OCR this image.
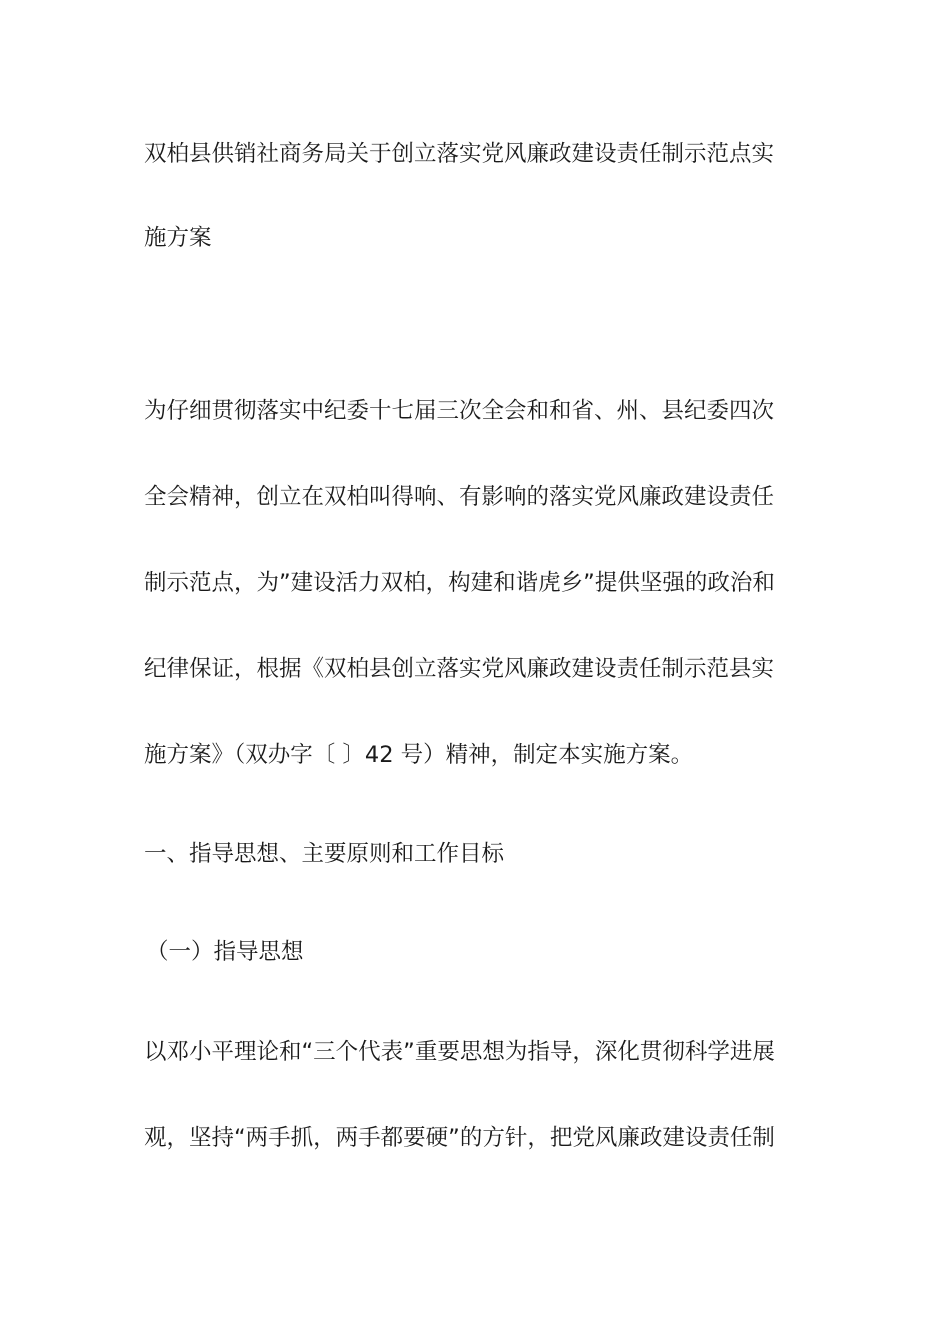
双柏县供销社商务局关于创立落实党风廉政建设责任制示范点实
施方案
为仔细贯彻落实中纪委十七届三次全会和和省、州、县纪委四次
全会精神，创立在双柏叫得响、有影响的落实党风廉政建设责任
制示范点，为”建设活力双柏，构建和谐虎乡”提供坚强的政治和
纪律保证，根据《双柏县创立落实党风廉政建设责任制示范县实
施方案》（双办字〔 〕42 号）精神，制定本实施方案。
一、指导思想、主要原则和工作目标
（一）指导思想
以邓小平理论和“三个代表”重要思想为指导，深化贯彻科学进展
观，坚持“两手抓，两手都要硬”的方针，把党风廉政建设责任制
